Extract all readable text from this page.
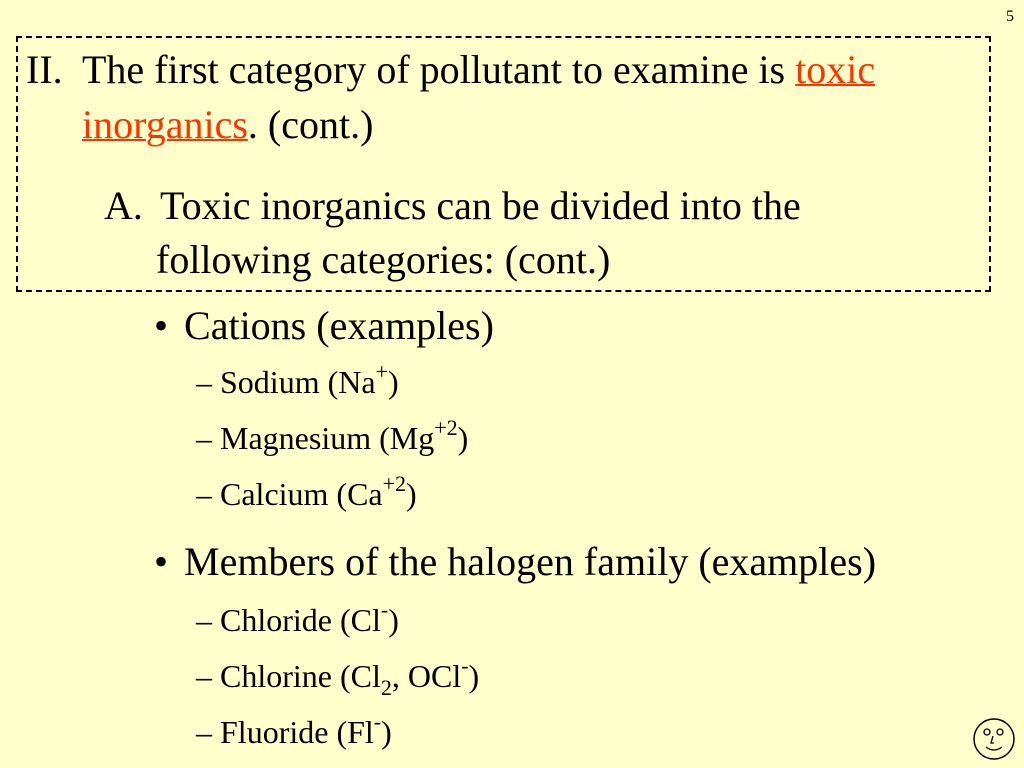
5
II. The first category of pollutant to examine is toxic
inorganics. (cont.)
A. Toxic inorganics can be divided into the
following categories: (cont.)
• Cations (examples)
– Sodium (Na+)
– Magnesium $(Mg^{+2})$
– Calcium $(Ca^{+2})$
• Members of the halogen family (examples)
– Chloride (Cl-)
– Chlorine ($Cl_2$, OCl-)
– Fluoride (Fl-)
